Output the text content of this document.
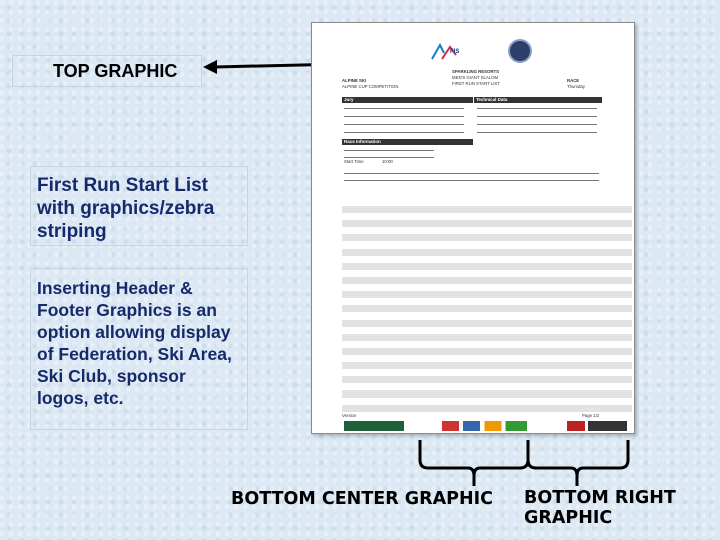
TOP GRAPHIC
First Run Start List with graphics/zebra striping
Inserting Header & Footer Graphics is an option allowing display of Federation, Ski Area, Ski Club, sponsor logos, etc.
BOTTOM CENTER GRAPHIC	BOTTOM RIGHT GRAPHIC
FIS
SPARKLING RESORTS
MEN'S GIANT SLALOM
FIRST RUN START LIST
ALPINE SKI
ALPINE CUP COMPETITION
RACE
Thursday
Jury	Technical Data
Race Information
Start Time	10:00
Version	Page 1/2
